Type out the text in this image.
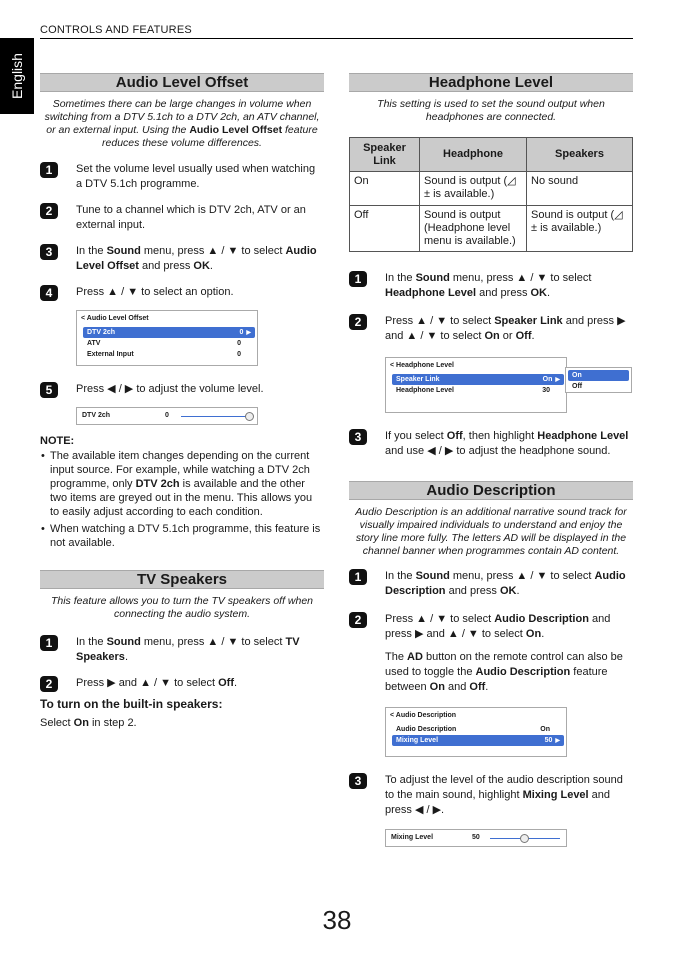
CONTROLS AND FEATURES
English	Audio Level Offset

Sometimes there can be large changes in volume when switching from a DTV 5.1ch to a DTV 2ch, an ATV channel, or an external input. Using the Audio Level Offset feature reduces these volume differences.

1	Set the volume level usually used when watching a DTV 5.1ch programme.

2	Tune to a channel which is DTV 2ch, ATV or an external input.

3	In the Sound menu, press ▲ / ▼ to select Audio Level Offset and press OK.

4	Press ▲ / ▼ to select an option.

< Audio Level Offset
DTV 2ch	0 ▶
ATV	0
External Input	0
5	Press ◀ / ▶ to adjust the volume level.

DTV 2ch	0
NOTE:
• The available item changes depending on the current input source. For example, while watching a DTV 2ch programme, only DTV 2ch is available and the other two items are greyed out in the menu. This allows you to easily adjust according to each condition.
• When watching a DTV 5.1ch programme, this feature is not available.
TV Speakers

This feature allows you to turn the TV speakers off when connecting the audio system.

1	In the Sound menu, press ▲ / ▼ to select TV Speakers.

2	Press ▶ and ▲ / ▼ to select Off.

To turn on the built-in speakers:

Select On in step 2.

Headphone Level

This setting is used to set the sound output when headphones are connected.

Speaker Link	Headphone	Speakers
On	Sound is output (◿ ± is available.)	No sound
Off	Sound is output (Headphone level menu is available.)	Sound is output (◿ ± is available.)
1	In the Sound menu, press ▲ / ▼ to select Headphone Level and press OK.

2	Press ▲ / ▼ to select Speaker Link and press ▶ and ▲ / ▼ to select On or Off.

< Headphone Level
Speaker Link	On ▶
Headphone Level	30
On
Off
3	If you select Off, then highlight Headphone Level and use ◀ / ▶ to adjust the headphone sound.

Audio Description

Audio Description is an additional narrative sound track for visually impaired individuals to understand and enjoy the story line more fully. The letters AD will be displayed in the channel banner when programmes contain AD content.

1	In the Sound menu, press ▲ / ▼ to select Audio Description and press OK.

2	Press ▲ / ▼ to select Audio Description and press ▶ and ▲ / ▼ to select On.

The AD button on the remote control can also be used to toggle the Audio Description feature between On and Off.

< Audio Description
Audio Description	On
Mixing Level	50 ▶
3	To adjust the level of the audio description sound to the main sound, highlight Mixing Level and press ◀ / ▶.

Mixing Level	50
38
